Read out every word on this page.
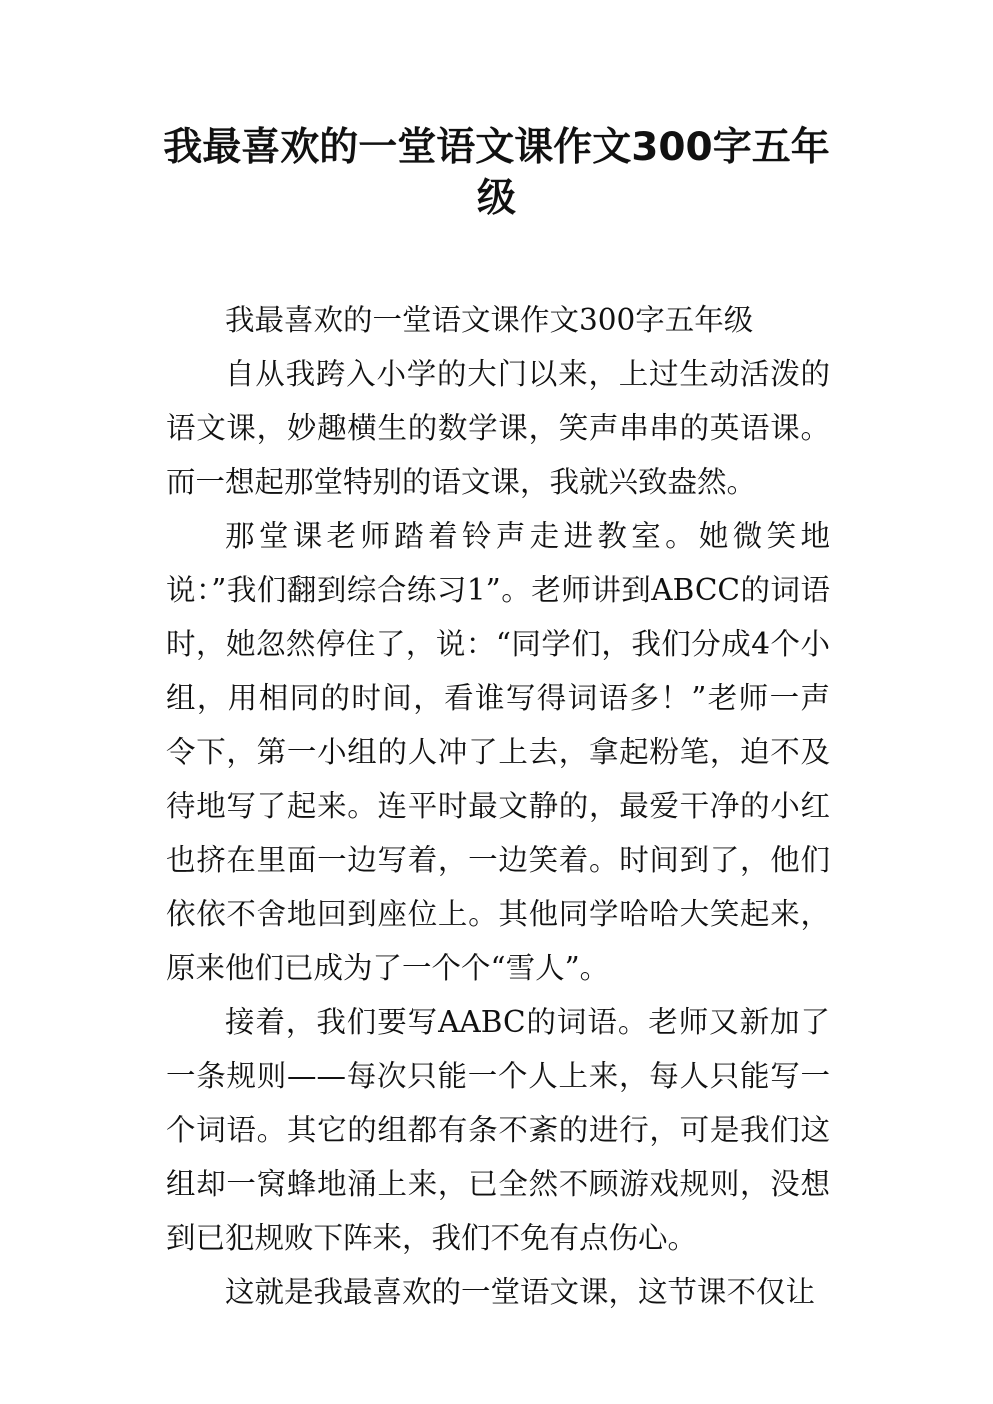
我最喜欢的一堂语文课作文300字五年级

我最喜欢的一堂语文课作文300字五年级

自从我跨入小学的大门以来，上过生动活泼的语文课，妙趣横生的数学课，笑声串串的英语课。而一想起那堂特别的语文课，我就兴致盎然。

那堂课老师踏着铃声走进教室。她微笑地说：”我们翻到综合练习1”。老师讲到ABCC的词语时，她忽然停住了，说：“同学们，我们分成4个小组，用相同的时间，看谁写得词语多！”老师一声令下，第一小组的人冲了上去，拿起粉笔，迫不及待地写了起来。连平时最文静的，最爱干净的小红也挤在里面一边写着，一边笑着。时间到了，他们依依不舍地回到座位上。其他同学哈哈大笑起来，原来他们已成为了一个个“雪人”。

接着，我们要写AABC的词语。老师又新加了一条规则——每次只能一个人上来，每人只能写一个词语。其它的组都有条不紊的进行，可是我们这组却一窝蜂地涌上来，已全然不顾游戏规则，没想到已犯规败下阵来，我们不免有点伤心。

这就是我最喜欢的一堂语文课，这节课不仅让
